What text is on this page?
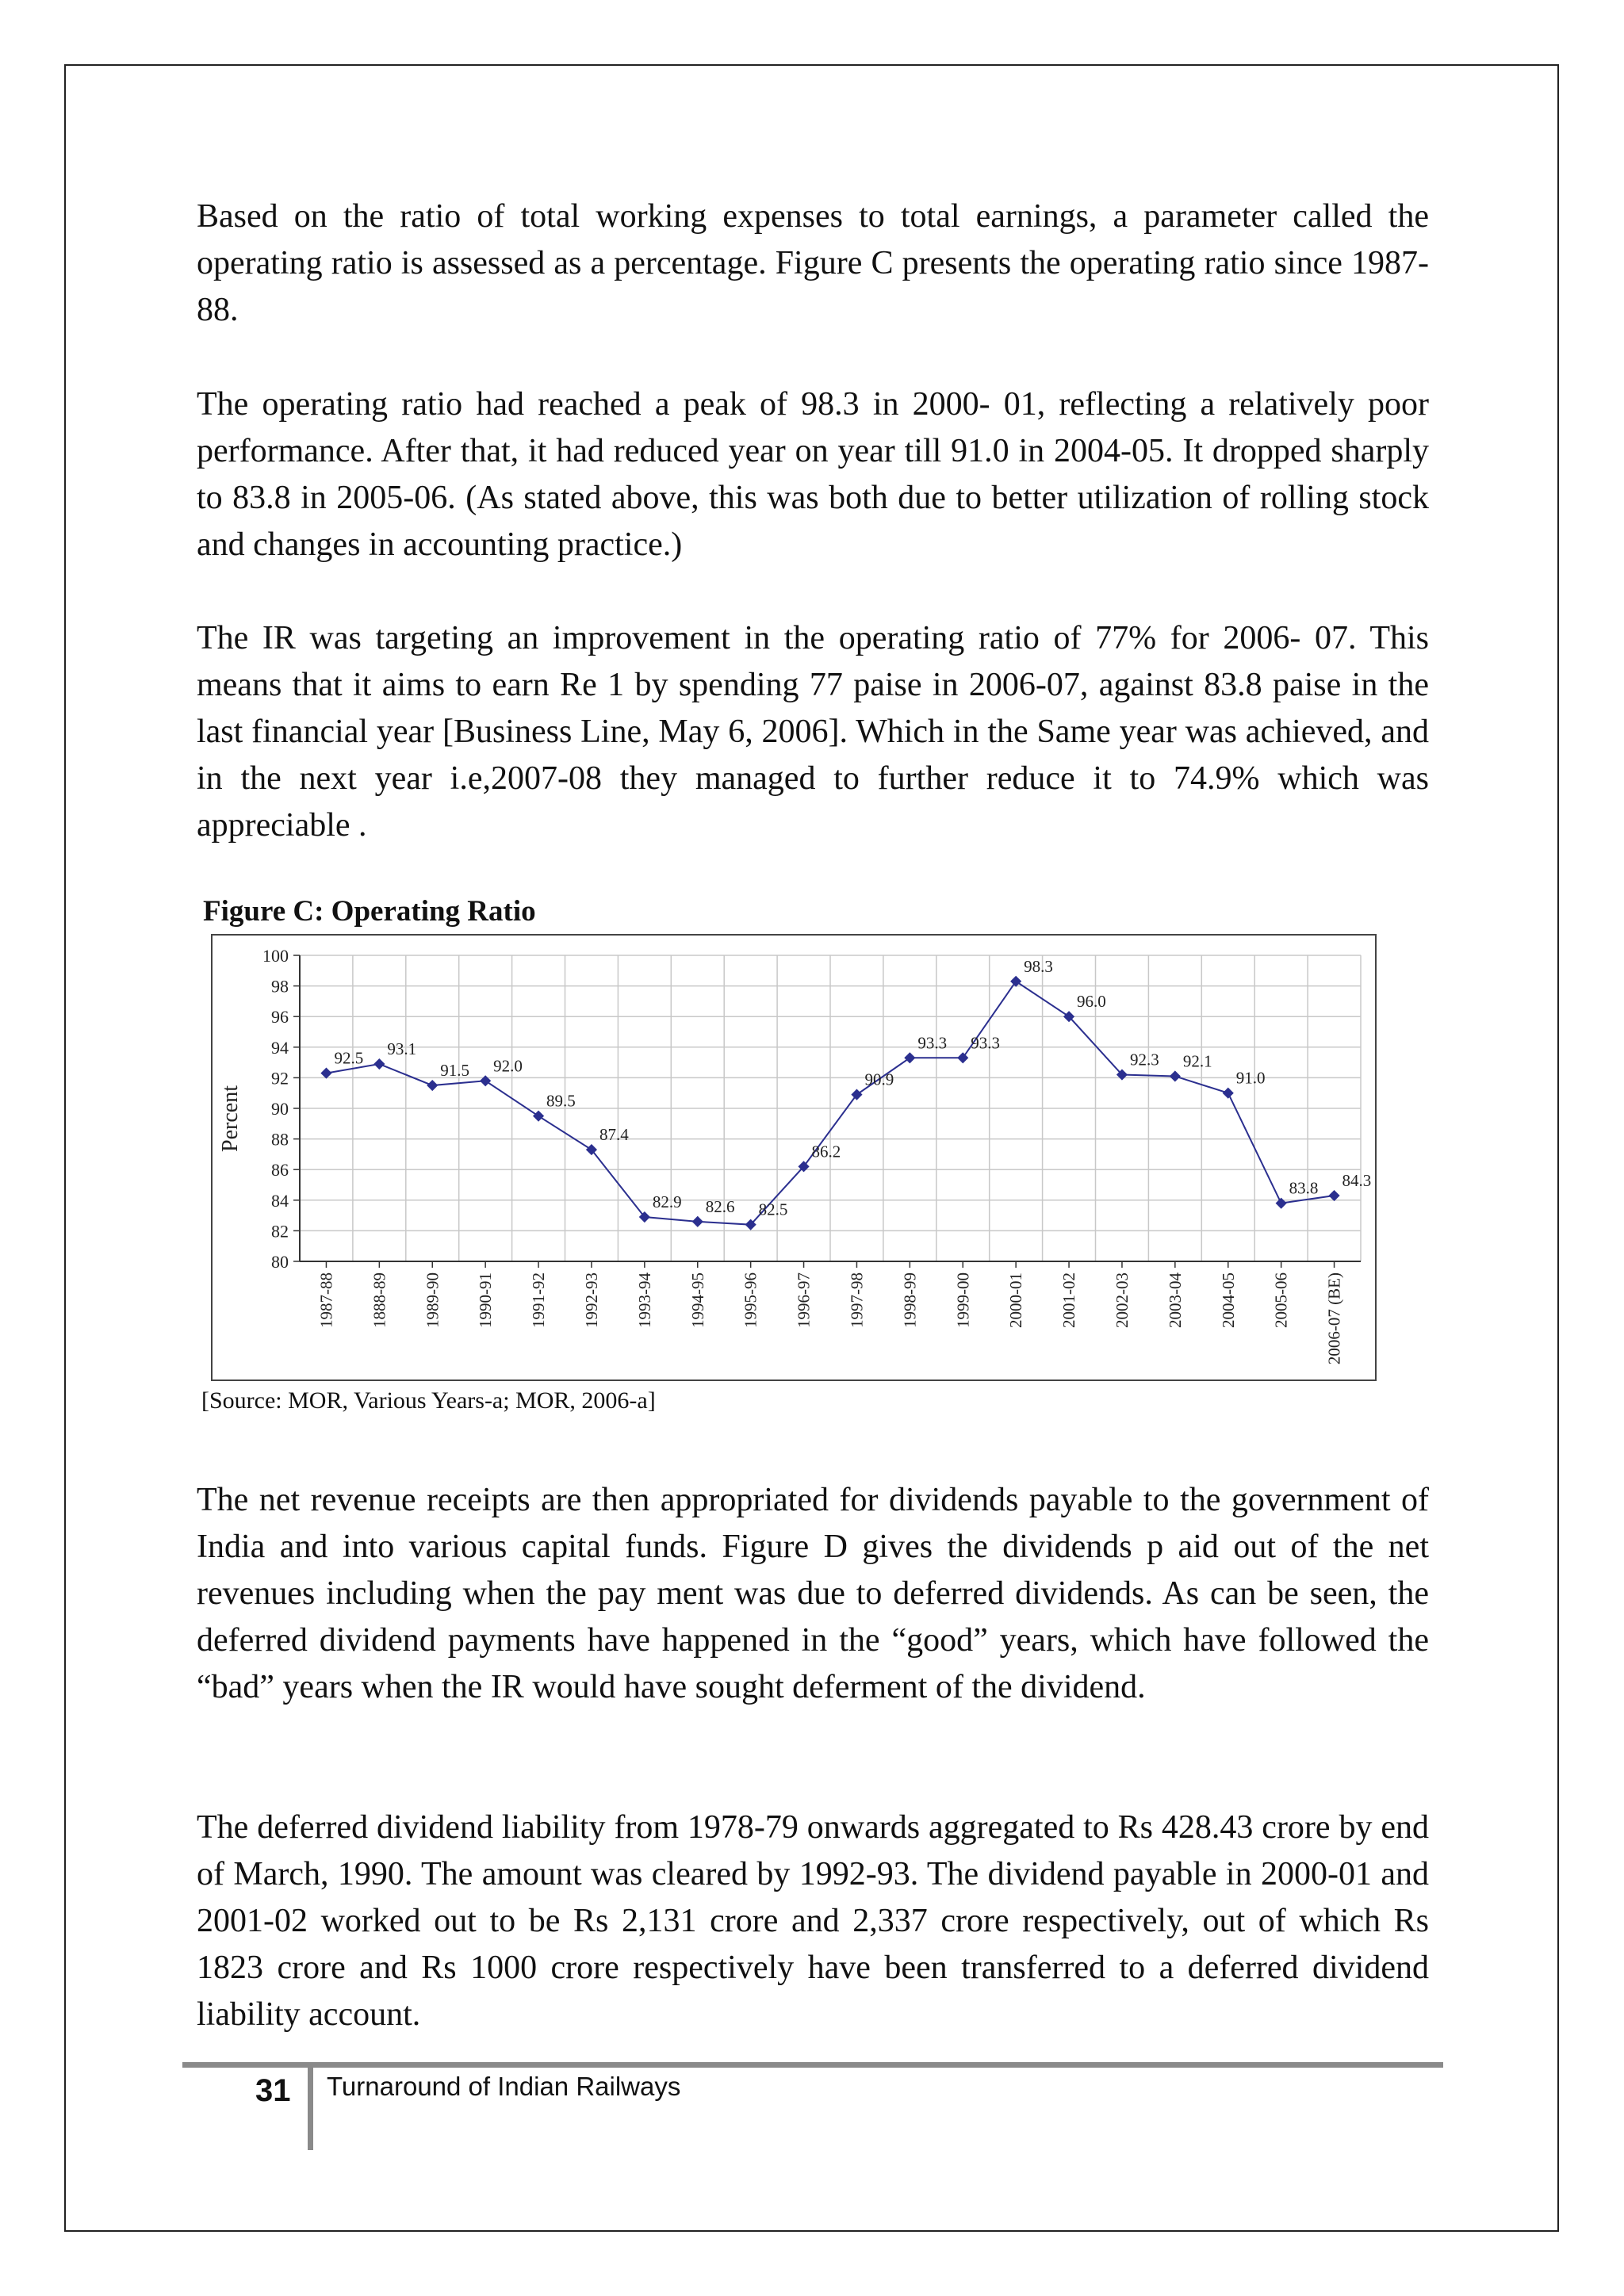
Based on the ratio of total working expenses to total earnings, a parameter called the operating ratio is assessed as a percentage. Figure C presents the operating ratio since 1987-88.

The operating ratio had reached a peak of 98.3 in 2000- 01, reflecting a relatively poor performance. After that, it had reduced year on year till 91.0 in 2004-05. It dropped sharply to 83.8 in 2005-06. (As stated above, this was both due to better utilization of rolling stock and changes in accounting practice.)

The IR was targeting an improvement in the operating ratio of 77% for 2006- 07. This means that it aims to earn Re 1 by spending 77 paise in 2006-07, against 83.8 paise in the last financial year [Business Line, May 6, 2006]. Which in the Same year was achieved, and in the next year i.e,2007-08 they managed to further reduce it to 74.9% which was appreciable .

Figure C: Operating Ratio
80
82
84
86
88
90
92
94
96
98
100
1987-88 1888-89 1989-90 1990-91 1991-92 1992-93 1993-94 1994-95 1995-96 1996-97 1997-98 1998-99 1999-00 2000-01 2001-02 2002-03 2003-04 2004-05 2005-06 2006-07 (BE)
92.5 93.1
91.5 92.0
89.5
87.4
82.9 82.6 82.5
86.2
90.9
93.3 93.3
98.3
96.0
92.3 92.1
91.0
83.8 84.3
Percent
[Source: MOR, Various Years-a; MOR, 2006-a]

The net revenue receipts are then appropriated for dividends payable to the government of India and into various capital funds. Figure D gives the dividends p aid out of the net revenues including when the pay ment was due to deferred dividends. As can be seen, the deferred dividend payments have happened in the “good” years, which have followed the “bad” years when the IR would have sought deferment of the dividend.

The deferred dividend liability from 1978-79 onwards aggregated to Rs 428.43 crore by end of March, 1990. The amount was cleared by 1992-93. The dividend payable in 2000-01 and 2001-02 worked out to be Rs 2,131 crore and 2,337 crore respectively, out of which Rs 1823 crore and Rs 1000 crore respectively have been transferred to a deferred dividend liability account.

31 Turnaround of Indian Railways
